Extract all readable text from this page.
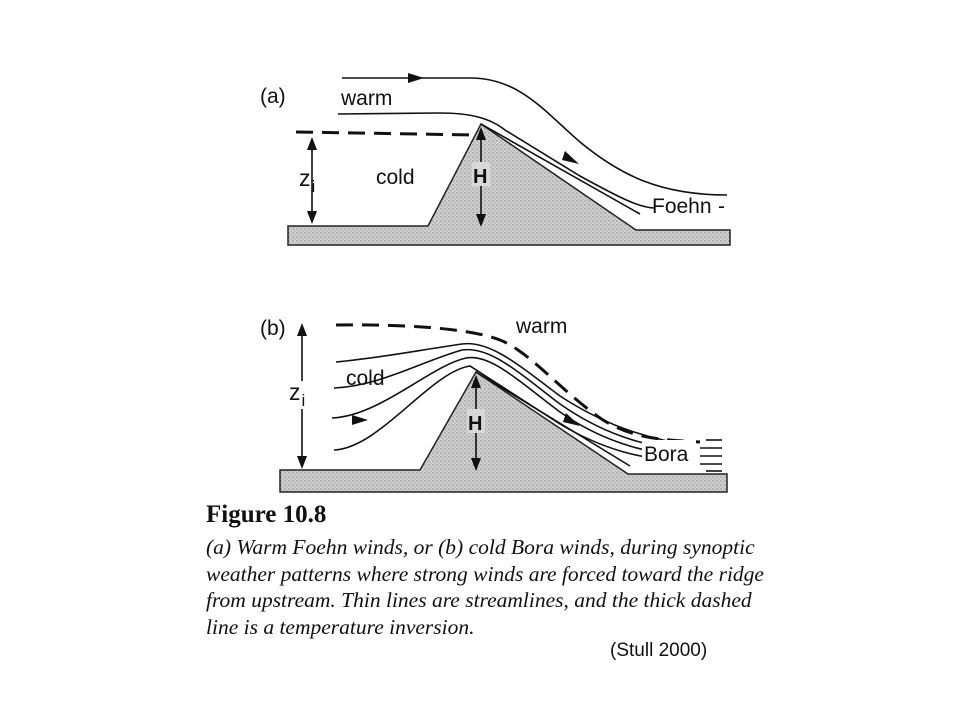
(a)
$z_i$	H
warm
cold
Foehn -
(b)
$z_i$
H
warm
cold
Bora

Figure 10.8

(a) Warm Foehn winds, or (b) cold Bora winds, during synoptic

weather patterns where strong winds are forced toward the ridge

from upstream. Thin lines are streamlines, and the thick dashed

line is a temperature inversion.

(Stull 2000)
